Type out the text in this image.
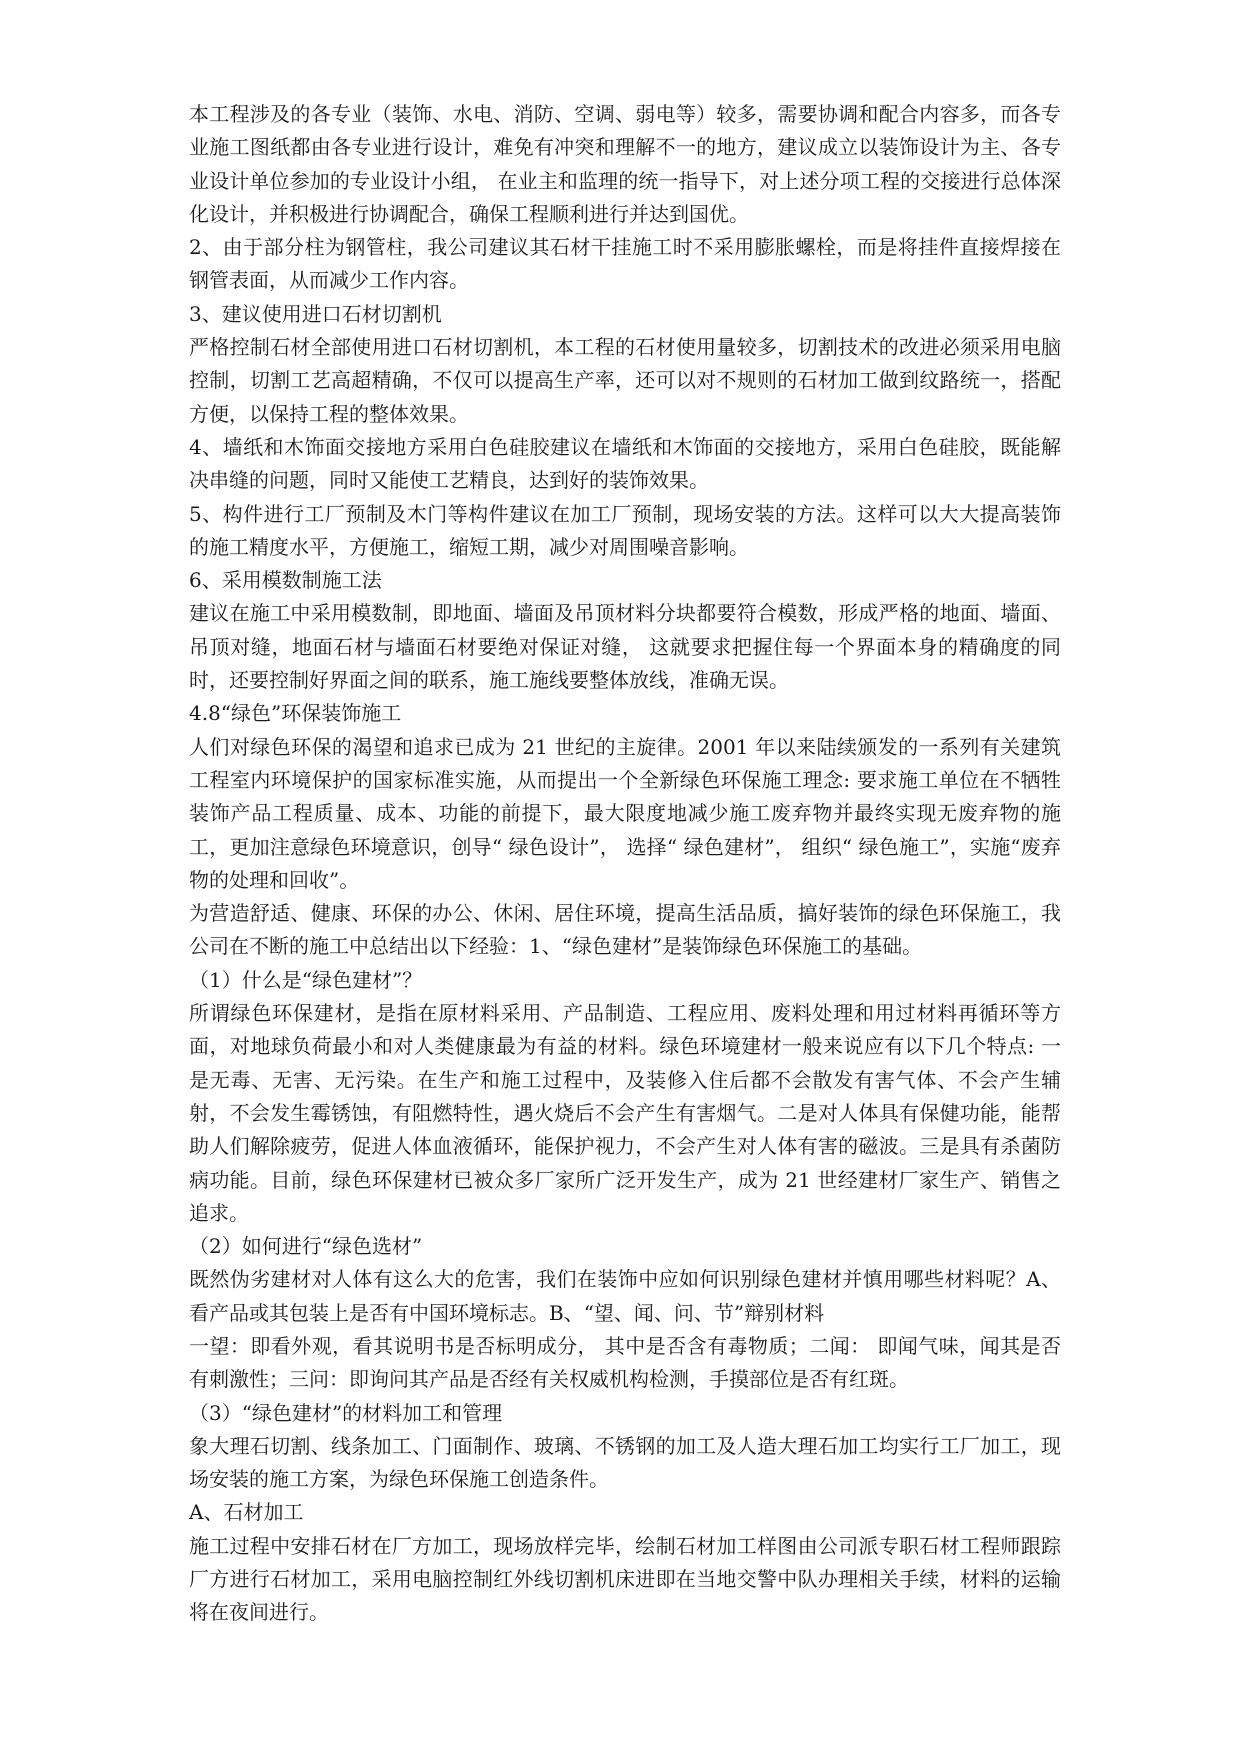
本工程涉及的各专业（装饰、水电、消防、空调、弱电等）较多，需要协调和配合内容多，而各专业施工图纸都由各专业进行设计，难免有冲突和理解不一的地方，建议成立以装饰设计为主、各专业设计单位参加的专业设计小组， 在业主和监理的统一指导下，对上述分项工程的交接进行总体深化设计，并积极进行协调配合，确保工程顺利进行并达到国优。

2、由于部分柱为钢管柱，我公司建议其石材干挂施工时不采用膨胀螺栓，而是将挂件直接焊接在钢管表面，从而减少工作内容。

3、建议使用进口石材切割机

严格控制石材全部使用进口石材切割机，本工程的石材使用量较多，切割技术的改进必须采用电脑控制，切割工艺高超精确，不仅可以提高生产率，还可以对不规则的石材加工做到纹路统一，搭配方便，以保持工程的整体效果。

4、墙纸和木饰面交接地方采用白色硅胶建议在墙纸和木饰面的交接地方，采用白色硅胶，既能解决串缝的问题，同时又能使工艺精良，达到好的装饰效果。

5、构件进行工厂预制及木门等构件建议在加工厂预制，现场安装的方法。这样可以大大提高装饰的施工精度水平，方便施工，缩短工期，减少对周围噪音影响。

6、采用模数制施工法

建议在施工中采用模数制，即地面、墙面及吊顶材料分块都要符合模数，形成严格的地面、墙面、吊顶对缝，地面石材与墙面石材要绝对保证对缝， 这就要求把握住每一个界面本身的精确度的同时，还要控制好界面之间的联系，施工施线要整体放线，准确无误。

4.8“绿色”环保装饰施工

人们对绿色环保的渴望和追求已成为 21 世纪的主旋律。2001 年以来陆续颁发的一系列有关建筑工程室内环境保护的国家标准实施，从而提出一个全新绿色环保施工理念: 要求施工单位在不牺牲装饰产品工程质量、成本、功能的前提下，最大限度地减少施工废弃物并最终实现无废弃物的施工，更加注意绿色环境意识，创导“ 绿色设计”， 选择“ 绿色建材”， 组织“ 绿色施工”，实施“废弃物的处理和回收”。

为营造舒适、健康、环保的办公、休闲、居住环境，提高生活品质，搞好装饰的绿色环保施工，我公司在不断的施工中总结出以下经验：1、“绿色建材”是装饰绿色环保施工的基础。

（1）什么是“绿色建材”？

所谓绿色环保建材，是指在原材料采用、产品制造、工程应用、废料处理和用过材料再循环等方面，对地球负荷最小和对人类健康最为有益的材料。绿色环境建材一般来说应有以下几个特点: 一是无毒、无害、无污染。在生产和施工过程中，及装修入住后都不会散发有害气体、不会产生辅射，不会发生霉锈蚀，有阻燃特性，遇火烧后不会产生有害烟气。二是对人体具有保健功能，能帮助人们解除疲劳，促进人体血液循环，能保护视力，不会产生对人体有害的磁波。三是具有杀菌防病功能。目前，绿色环保建材已被众多厂家所广泛开发生产，成为 21 世经建材厂家生产、销售之追求。

（2）如何进行“绿色选材”

既然伪劣建材对人体有这么大的危害，我们在装饰中应如何识别绿色建材并慎用哪些材料呢？A、看产品或其包装上是否有中国环境标志。B、“望、闻、问、节”辩别材料

一望：即看外观，看其说明书是否标明成分， 其中是否含有毒物质；二闻： 即闻气味，闻其是否有刺激性；三问：即询问其产品是否经有关权威机构检测，手摸部位是否有红斑。

（3）“绿色建材”的材料加工和管理

象大理石切割、线条加工、门面制作、玻璃、不锈钢的加工及人造大理石加工均实行工厂加工，现场安装的施工方案，为绿色环保施工创造条件。

A、石材加工

施工过程中安排石材在厂方加工，现场放样完毕，绘制石材加工样图由公司派专职石材工程师跟踪厂方进行石材加工，采用电脑控制红外线切割机床进即在当地交警中队办理相关手续，材料的运输将在夜间进行。
